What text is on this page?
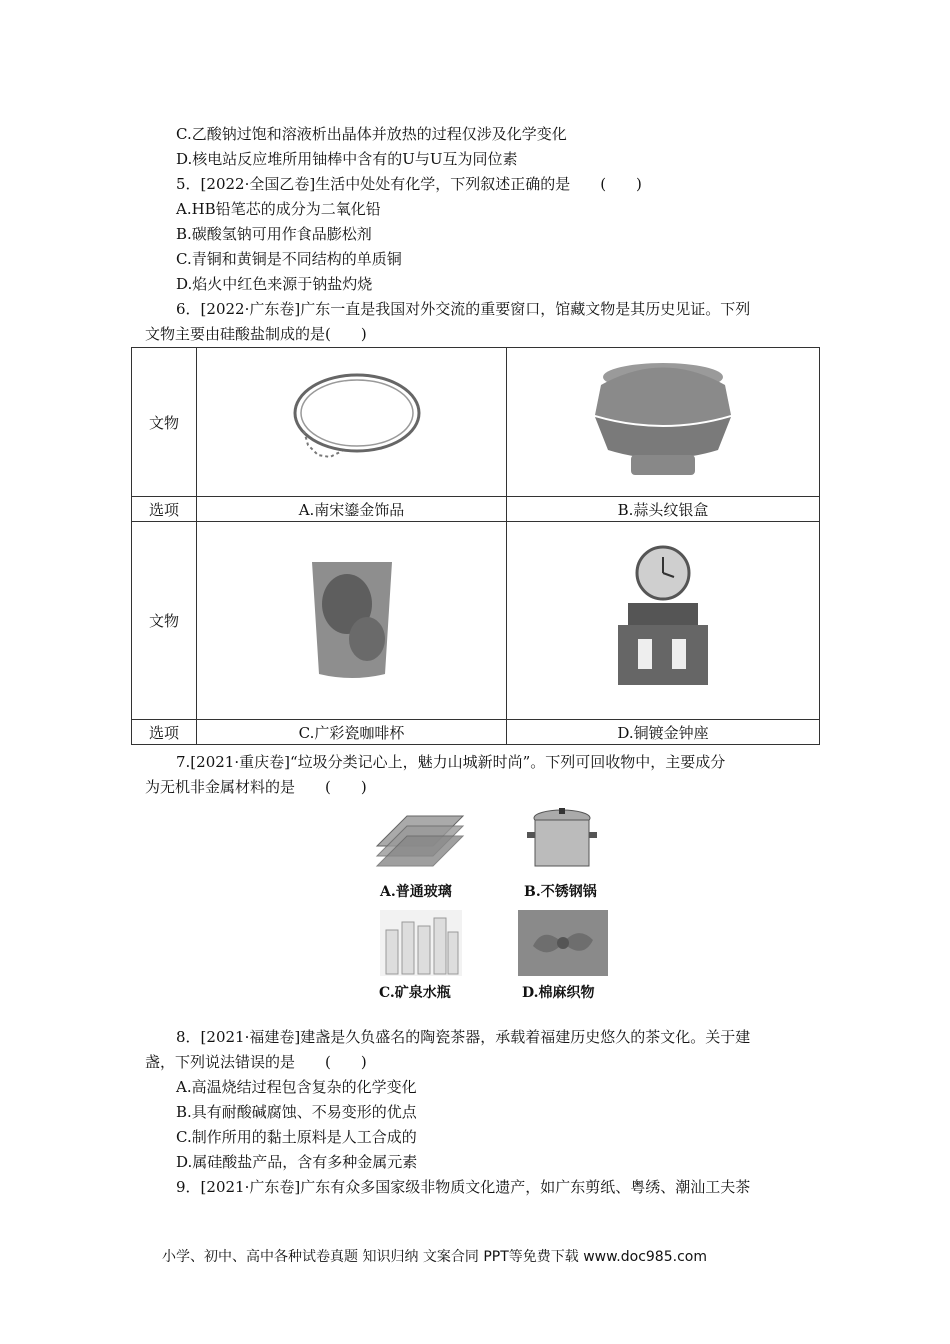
C.乙酸钠过饱和溶液析出晶体并放热的过程仅涉及化学变化
D.核电站反应堆所用铀棒中含有的U与U互为同位素
5．[2022·全国乙卷]生活中处处有化学，下列叙述正确的是　　(　　)
A.HB铅笔芯的成分为二氧化铅
B.碳酸氢钠可用作食品膨松剂
C.青铜和黄铜是不同结构的单质铜
D.焰火中红色来源于钠盐灼烧
6．[2022·广东卷]广东一直是我国对外交流的重要窗口，馆藏文物是其历史见证。下列
文物主要由硅酸盐制成的是(　　)
文物		
选项	A.南宋鎏金饰品	B.蒜头纹银盒
文物		
选项	C.广彩瓷咖啡杯	D.铜镀金钟座
7.[2021·重庆卷]“垃圾分类记心上，魅力山城新时尚”。下列可回收物中，主要成分
为无机非金属材料的是　　(　　)
A.普通玻璃	B.不锈钢锅
C.矿泉水瓶	D.棉麻织物
8．[2021·福建卷]建盏是久负盛名的陶瓷茶器，承载着福建历史悠久的茶文化。关于建
盏，下列说法错误的是　　(　　)
A.高温烧结过程包含复杂的化学变化
B.具有耐酸碱腐蚀、不易变形的优点
C.制作所用的黏土原料是人工合成的
D.属硅酸盐产品，含有多种金属元素
9．[2021·广东卷]广东有众多国家级非物质文化遗产，如广东剪纸、粤绣、潮汕工夫茶
小学、初中、高中各种试卷真题 知识归纳 文案合同 PPT等免费下载 www.doc985.com
